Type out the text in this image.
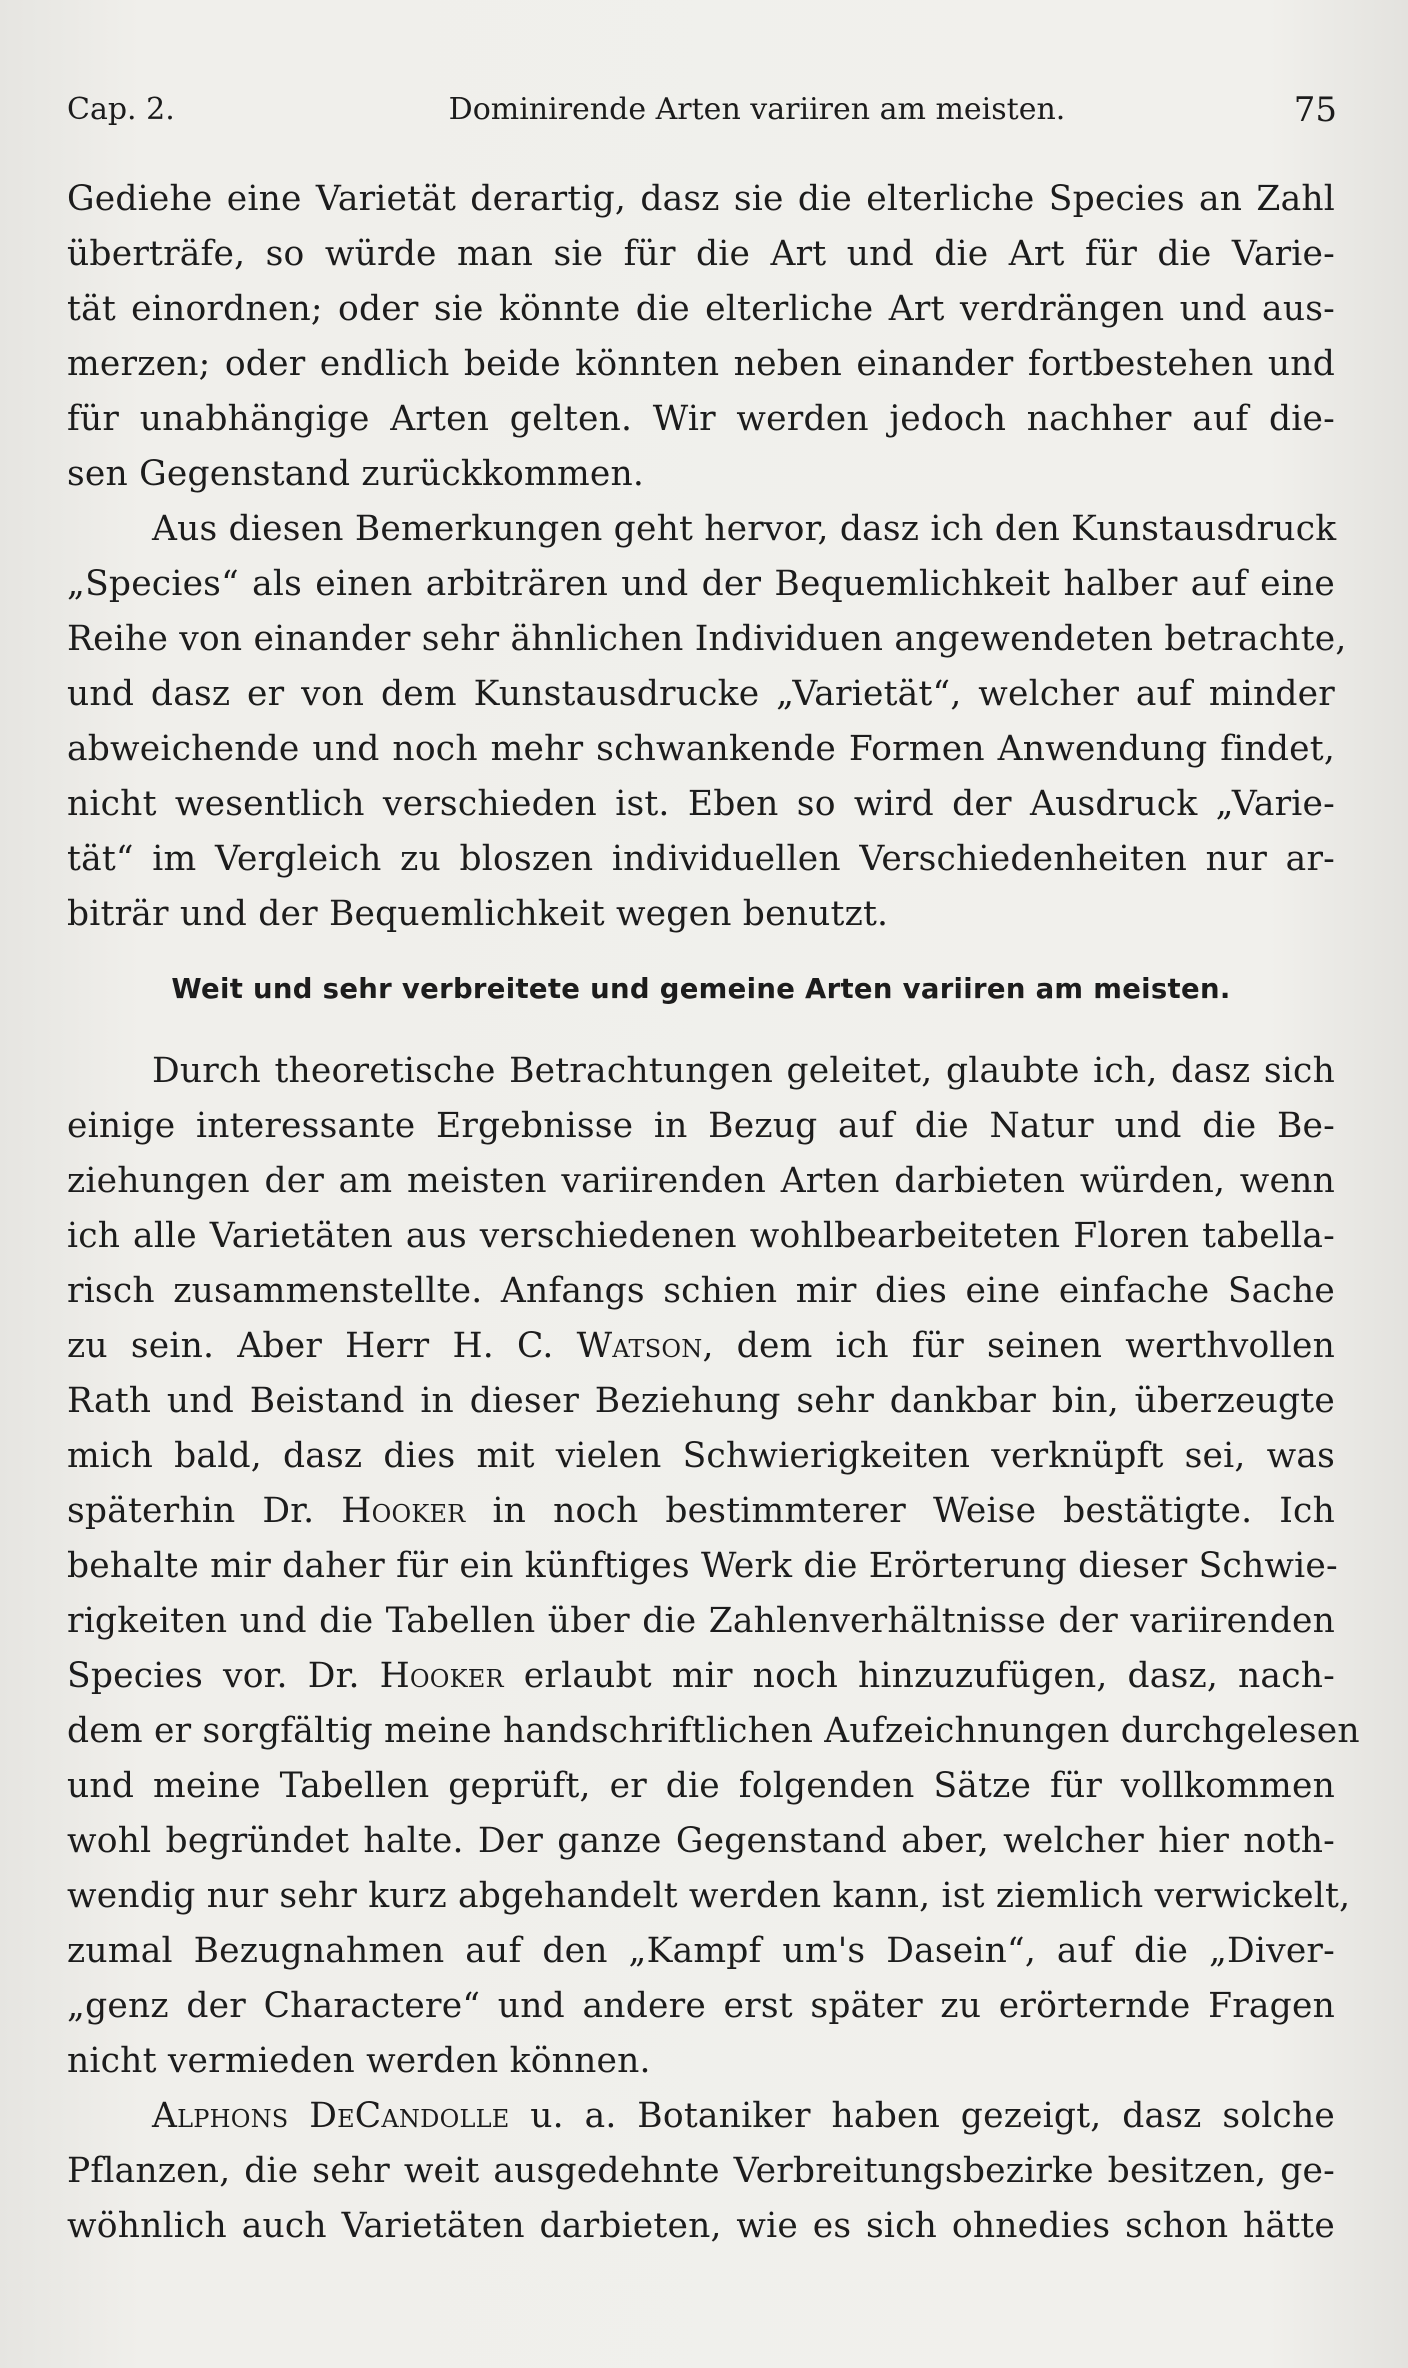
Cap. 2.	Dominirende Arten variiren am meisten.	75
Gediehe eine Varietät derartig, dasz sie die elterliche Species an Zahl
überträfe, so würde man sie für die Art und die Art für die Varie-
tät einordnen; oder sie könnte die elterliche Art verdrängen und aus-
merzen; oder endlich beide könnten neben einander fortbestehen und
für unabhängige Arten gelten. Wir werden jedoch nachher auf die-
sen Gegenstand zurückkommen.
Aus diesen Bemerkungen geht hervor, dasz ich den Kunstausdruck
„Species“ als einen arbiträren und der Bequemlichkeit halber auf eine
Reihe von einander sehr ähnlichen Individuen angewendeten betrachte,
und dasz er von dem Kunstausdrucke „Varietät“, welcher auf minder
abweichende und noch mehr schwankende Formen Anwendung findet,
nicht wesentlich verschieden ist. Eben so wird der Ausdruck „Varie-
tät“ im Vergleich zu bloszen individuellen Verschiedenheiten nur ar-
biträr und der Bequemlichkeit wegen benutzt.
Weit und sehr verbreitete und gemeine Arten variiren am meisten.
Durch theoretische Betrachtungen geleitet, glaubte ich, dasz sich
einige interessante Ergebnisse in Bezug auf die Natur und die Be-
ziehungen der am meisten variirenden Arten darbieten würden, wenn
ich alle Varietäten aus verschiedenen wohlbearbeiteten Floren tabella-
risch zusammenstellte. Anfangs schien mir dies eine einfache Sache
zu sein. Aber Herr H. C. Watson, dem ich für seinen werthvollen
Rath und Beistand in dieser Beziehung sehr dankbar bin, überzeugte
mich bald, dasz dies mit vielen Schwierigkeiten verknüpft sei, was
späterhin Dr. Hooker in noch bestimmterer Weise bestätigte. Ich
behalte mir daher für ein künftiges Werk die Erörterung dieser Schwie-
rigkeiten und die Tabellen über die Zahlenverhältnisse der variirenden
Species vor. Dr. Hooker erlaubt mir noch hinzuzufügen, dasz, nach-
dem er sorgfältig meine handschriftlichen Aufzeichnungen durchgelesen
und meine Tabellen geprüft, er die folgenden Sätze für vollkommen
wohl begründet halte. Der ganze Gegenstand aber, welcher hier noth-
wendig nur sehr kurz abgehandelt werden kann, ist ziemlich verwickelt,
zumal Bezugnahmen auf den „Kampf um's Dasein“, auf die „Diver-
„genz der Charactere“ und andere erst später zu erörternde Fragen
nicht vermieden werden können.
Alphons DeCandolle u. a. Botaniker haben gezeigt, dasz solche
Pflanzen, die sehr weit ausgedehnte Verbreitungsbezirke besitzen, ge-
wöhnlich auch Varietäten darbieten, wie es sich ohnedies schon hätte
